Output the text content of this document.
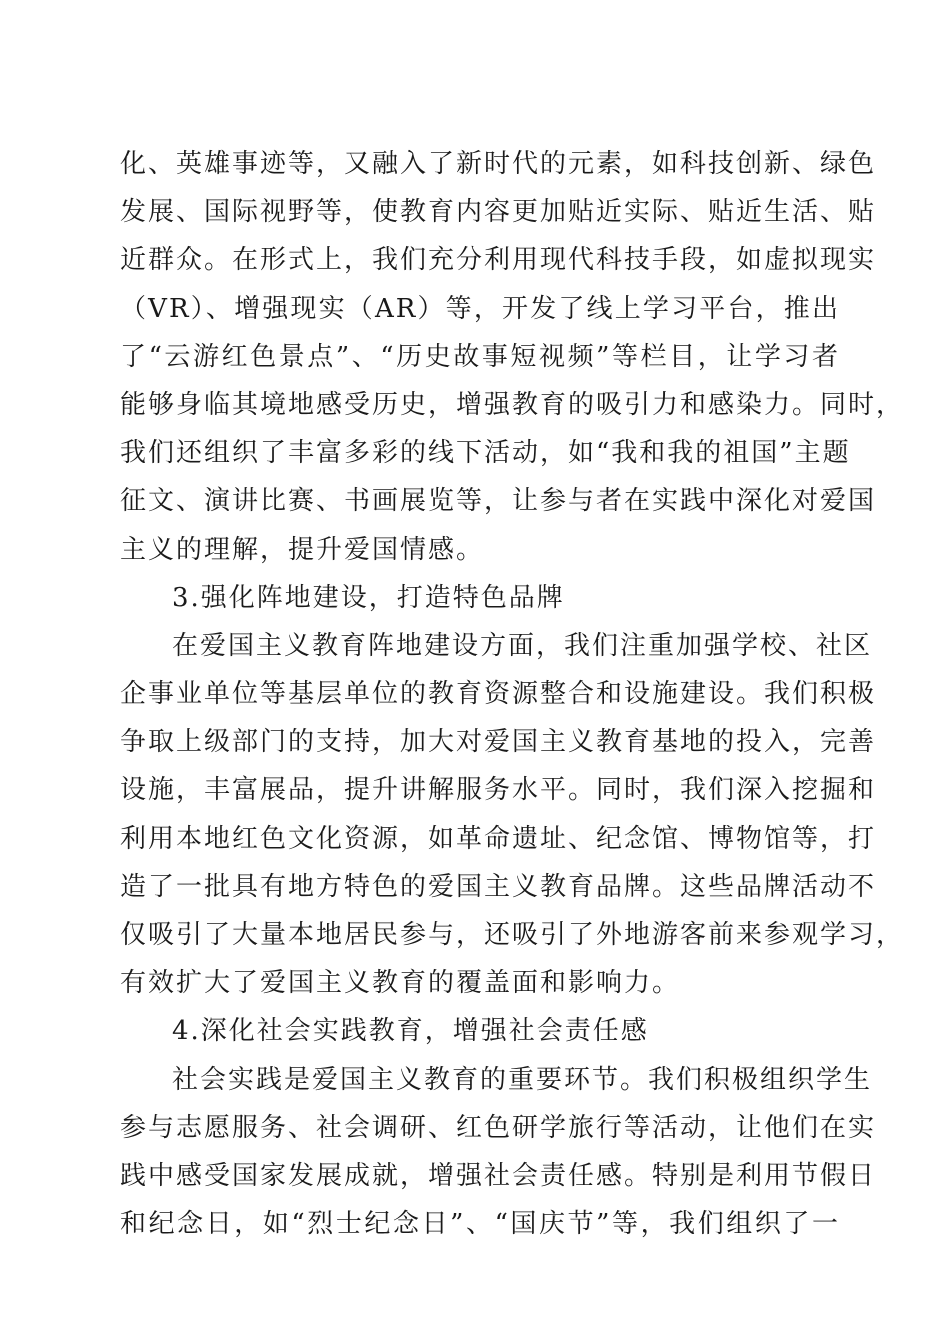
化、英雄事迹等，又融入了新时代的元素，如科技创新、绿色
发展、国际视野等，使教育内容更加贴近实际、贴近生活、贴
近群众。在形式上，我们充分利用现代科技手段，如虚拟现实
（VR）、增强现实（AR）等，开发了线上学习平台，推出
了“云游红色景点”、“历史故事短视频”等栏目，让学习者
能够身临其境地感受历史，增强教育的吸引力和感染力。同时，
我们还组织了丰富多彩的线下活动，如“我和我的祖国”主题
征文、演讲比赛、书画展览等，让参与者在实践中深化对爱国
主义的理解，提升爱国情感。
3.强化阵地建设，打造特色品牌
在爱国主义教育阵地建设方面，我们注重加强学校、社区
企事业单位等基层单位的教育资源整合和设施建设。我们积极
争取上级部门的支持，加大对爱国主义教育基地的投入，完善
设施，丰富展品，提升讲解服务水平。同时，我们深入挖掘和
利用本地红色文化资源，如革命遗址、纪念馆、博物馆等，打
造了一批具有地方特色的爱国主义教育品牌。这些品牌活动不
仅吸引了大量本地居民参与，还吸引了外地游客前来参观学习，
有效扩大了爱国主义教育的覆盖面和影响力。
4.深化社会实践教育，增强社会责任感
社会实践是爱国主义教育的重要环节。我们积极组织学生
参与志愿服务、社会调研、红色研学旅行等活动，让他们在实
践中感受国家发展成就，增强社会责任感。特别是利用节假日
和纪念日，如“烈士纪念日”、“国庆节”等，我们组织了一
